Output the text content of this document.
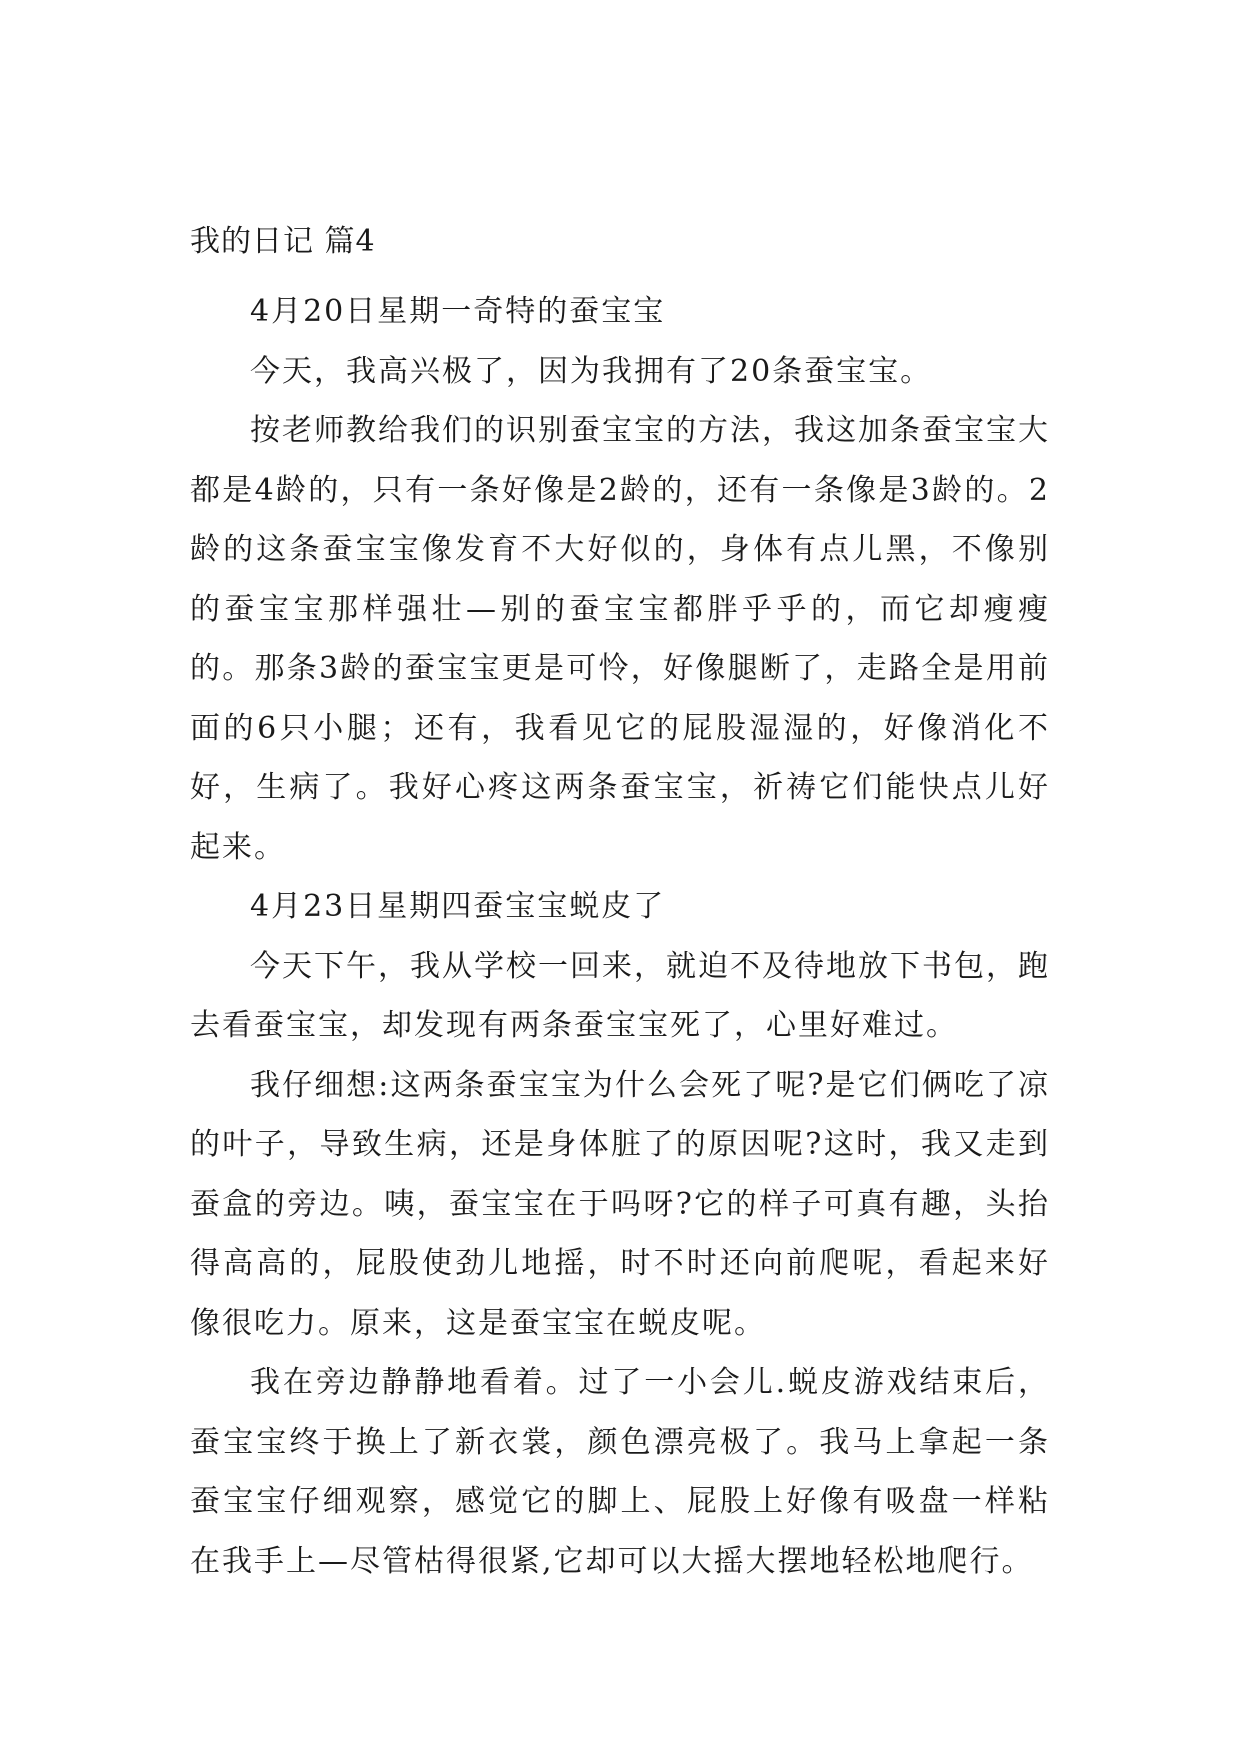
我的日记 篇4

4月20日星期一奇特的蚕宝宝

今天，我高兴极了，因为我拥有了20条蚕宝宝。

按老师教给我们的识别蚕宝宝的方法，我这加条蚕宝宝大都是4龄的，只有一条好像是2龄的，还有一条像是3龄的。2龄的这条蚕宝宝像发育不大好似的，身体有点儿黑，不像别的蚕宝宝那样强壮—别的蚕宝宝都胖乎乎的，而它却瘦瘦的。那条3龄的蚕宝宝更是可怜，好像腿断了，走路全是用前面的6只小腿；还有，我看见它的屁股湿湿的，好像消化不好，生病了。我好心疼这两条蚕宝宝，祈祷它们能快点儿好起来。

4月23日星期四蚕宝宝蜕皮了

今天下午，我从学校一回来，就迫不及待地放下书包，跑去看蚕宝宝，却发现有两条蚕宝宝死了，心里好难过。

我仔细想:这两条蚕宝宝为什么会死了呢?是它们俩吃了凉的叶子，导致生病，还是身体脏了的原因呢?这时，我又走到蚕盒的旁边。咦，蚕宝宝在于吗呀?它的样子可真有趣，头抬得高高的，屁股使劲儿地摇，时不时还向前爬呢，看起来好像很吃力。原来，这是蚕宝宝在蜕皮呢。

我在旁边静静地看着。过了一小会儿.蜕皮游戏结束后，蚕宝宝终于换上了新衣裳，颜色漂亮极了。我马上拿起一条蚕宝宝仔细观察，感觉它的脚上、屁股上好像有吸盘一样粘在我手上—尽管枯得很紧,它却可以大摇大摆地轻松地爬行。
